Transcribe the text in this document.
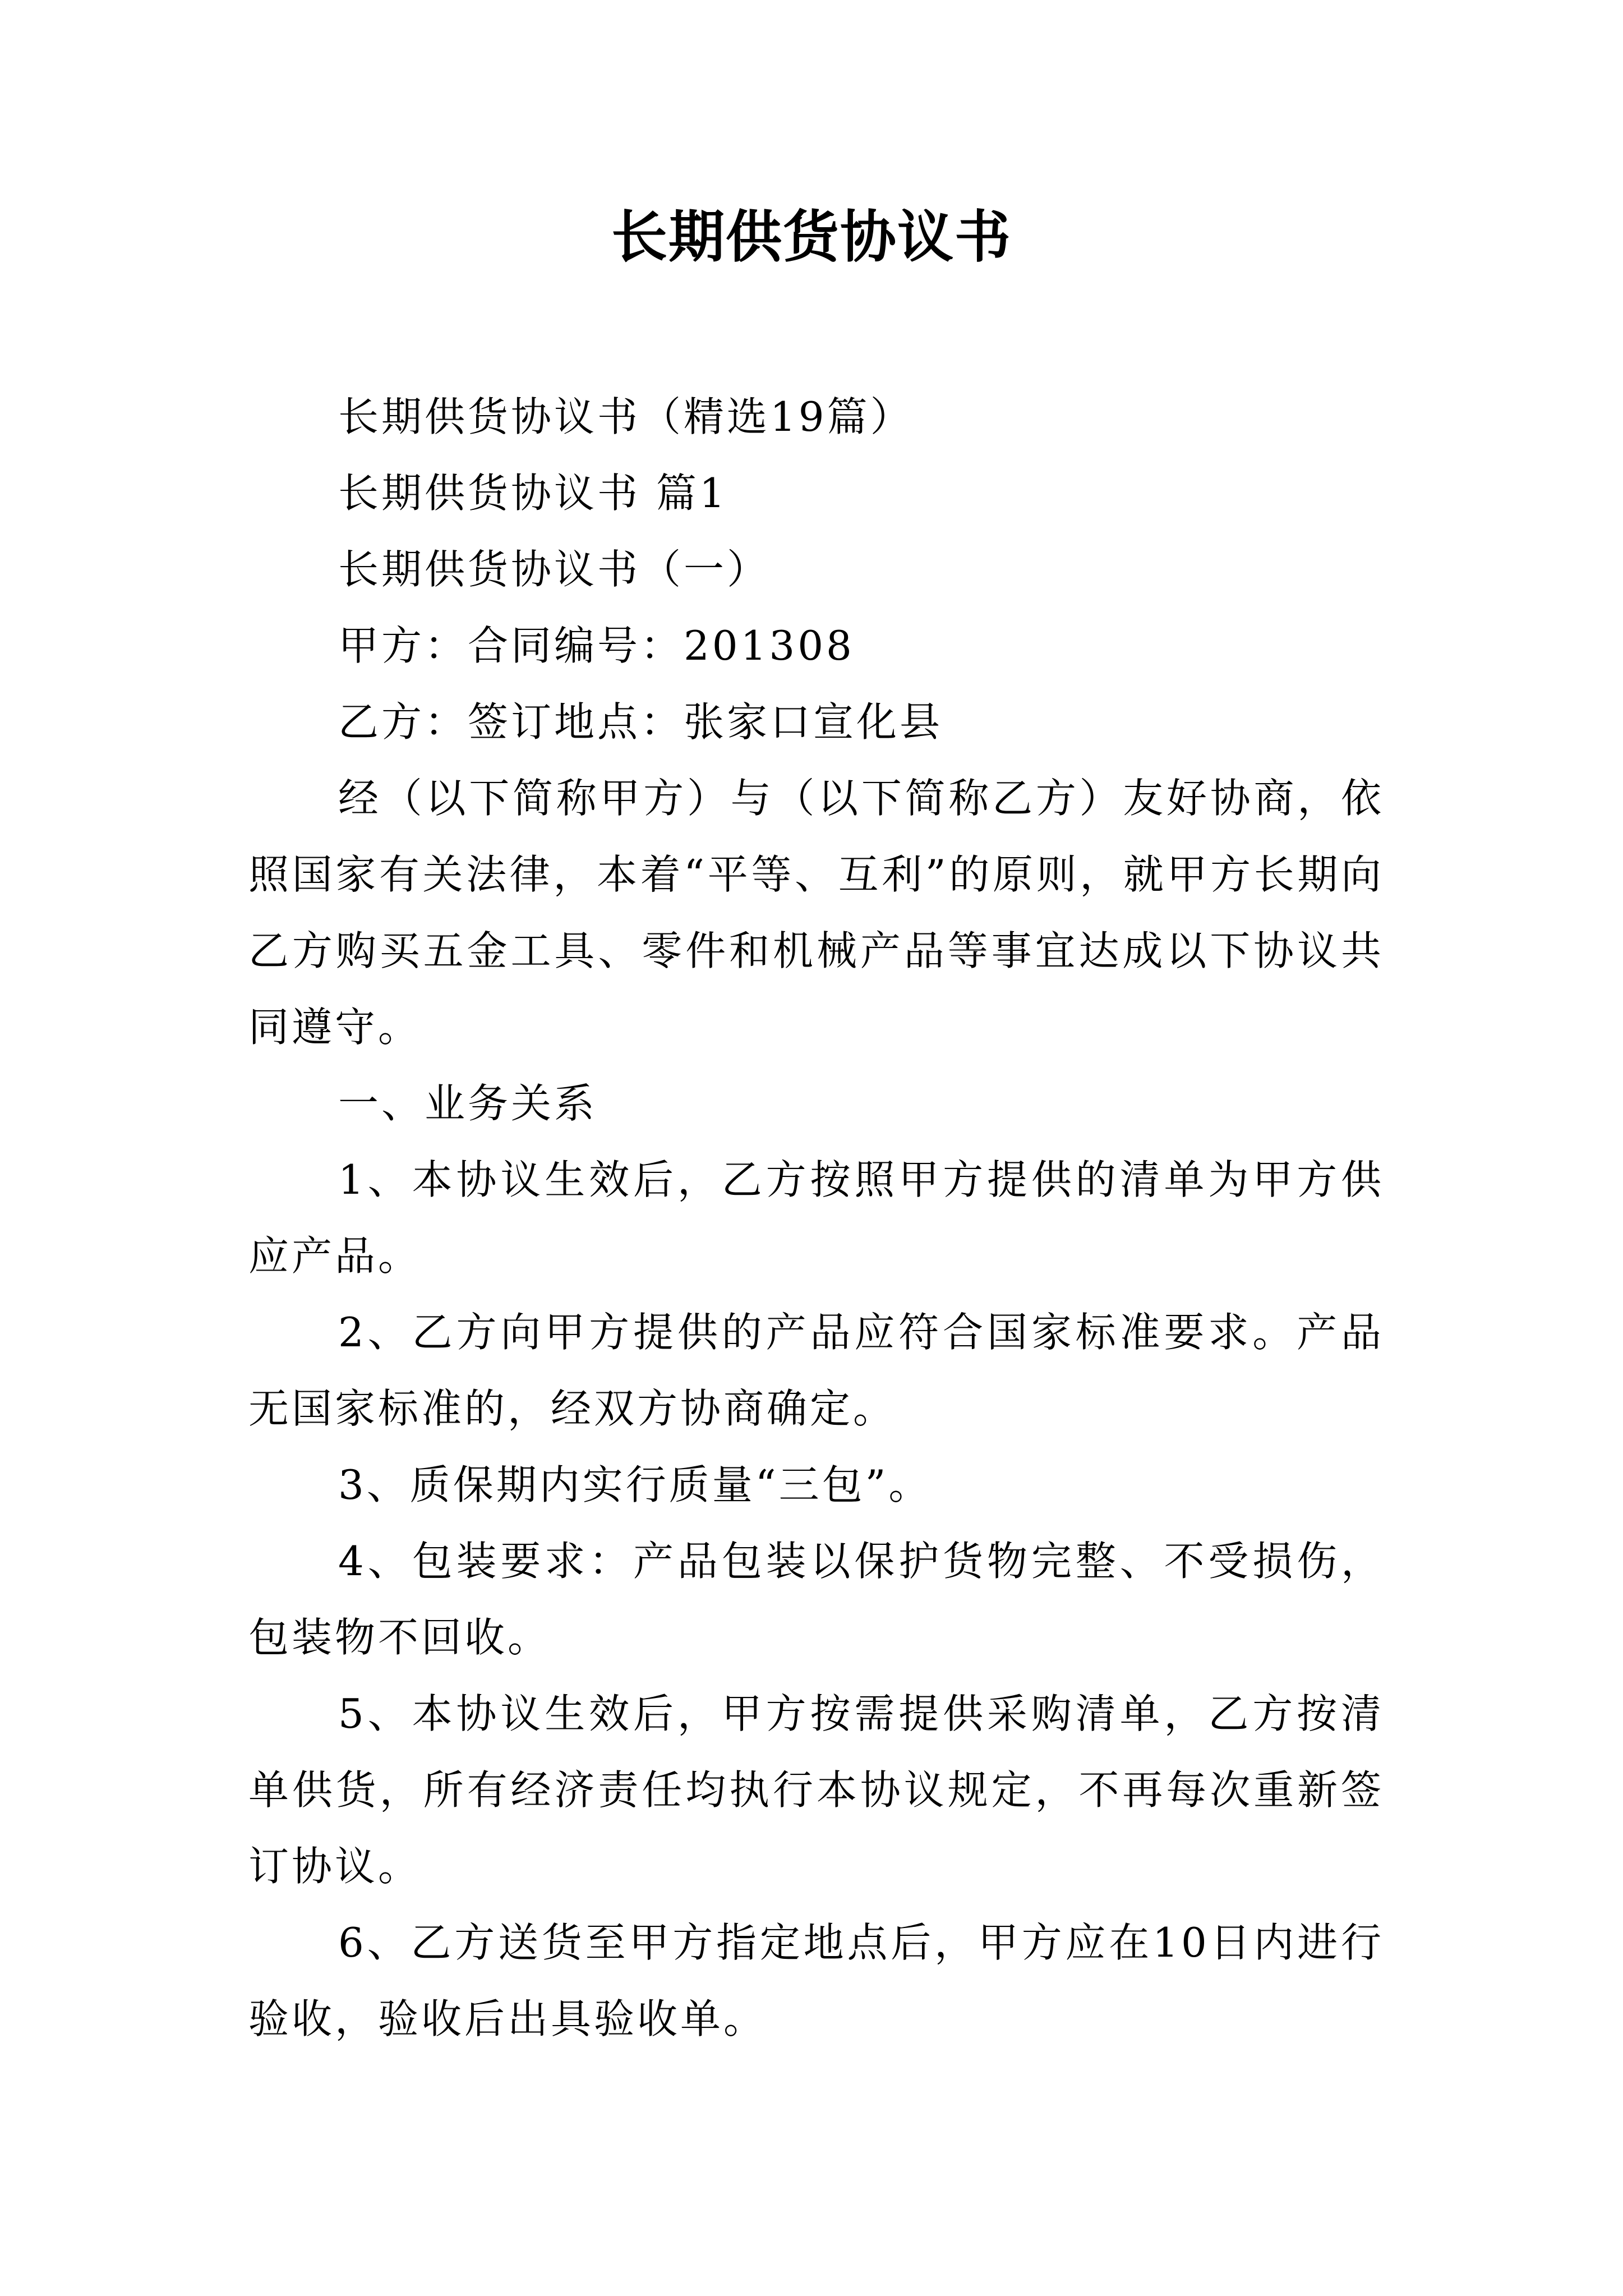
长期供货协议书

长期供货协议书（精选19篇）

长期供货协议书 篇1

长期供货协议书（一）

甲方：合同编号：201308

乙方：签订地点：张家口宣化县

经（以下简称甲方）与（以下简称乙方）友好协商，依照国家有关法律，本着“平等、互利”的原则，就甲方长期向乙方购买五金工具、零件和机械产品等事宜达成以下协议共同遵守。

一、业务关系

1、本协议生效后，乙方按照甲方提供的清单为甲方供应产品。

2、乙方向甲方提供的产品应符合国家标准要求。产品无国家标准的，经双方协商确定。

3、质保期内实行质量“三包”。

4、包装要求：产品包装以保护货物完整、不受损伤，包装物不回收。

5、本协议生效后，甲方按需提供采购清单，乙方按清单供货，所有经济责任均执行本协议规定，不再每次重新签订协议。

6、乙方送货至甲方指定地点后，甲方应在10日内进行验收，验收后出具验收单。
